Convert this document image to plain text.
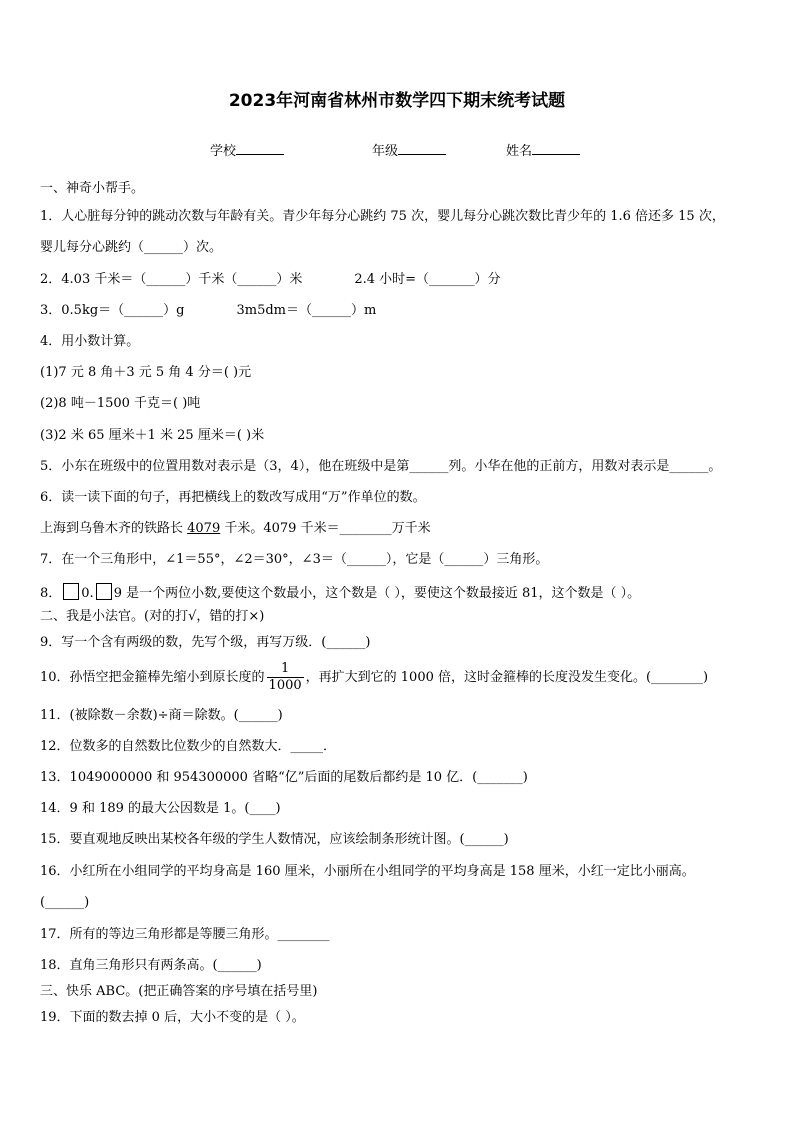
2023年河南省林州市数学四下期末统考试题
学校	年级	姓名
一、神奇小帮手。
1．人心脏每分钟的跳动次数与年龄有关。青少年每分心跳约 75 次，婴儿每分心跳次数比青少年的 1.6 倍还多 15 次，
婴儿每分心跳约（______）次。
2．4.03 千米＝（______）千米（______）米	2.4 小时=（_______）分
3．0.5kg＝（______）g	3m5dm＝（______）m
4．用小数计算。
(1)7 元 8 角＋3 元 5 角 4 分＝( )元
(2)8 吨－1500 千克＝( )吨
(3)2 米 65 厘米＋1 米 25 厘米＝( )米
5．小东在班级中的位置用数对表示是（3，4），他在班级中是第______列。小华在他的正前方，用数对表示是______。
6．读一读下面的句子，再把横线上的数改写成用“万”作单位的数。
上海到乌鲁木齐的铁路长 4079 千米。4079 千米＝________万千米
7．在一个三角形中，∠1＝55°，∠2＝30°，∠3＝（______），它是（______）三角形。
8． 0. 9 是一个两位小数,要使这个数最小，这个数是（ ），要使这个数最接近 81，这个数是（ ）。
二、我是小法官。(对的打√，错的打×)
9．写一个含有两级的数，先写个级，再写万级．(______)
10．孙悟空把金箍棒先缩小到原长度的 $\frac{1}{1000}$ ，再扩大到它的 1000 倍，这时金箍棒的长度没发生变化。(________)
11．(被除数－余数)÷商＝除数。(______)
12．位数多的自然数比位数少的自然数大．_____．
13．1049000000 和 954300000 省略“亿”后面的尾数后都约是 10 亿．(_______)
14．9 和 189 的最大公因数是 1。(____)
15．要直观地反映出某校各年级的学生人数情况，应该绘制条形统计图。(______)
16．小红所在小组同学的平均身高是 160 厘米，小丽所在小组同学的平均身高是 158 厘米，小红一定比小丽高。
(______)
17．所有的等边三角形都是等腰三角形。________
18．直角三角形只有两条高。(______)
三、快乐 ABC。(把正确答案的序号填在括号里)
19．下面的数去掉 0 后，大小不变的是（ ）。
